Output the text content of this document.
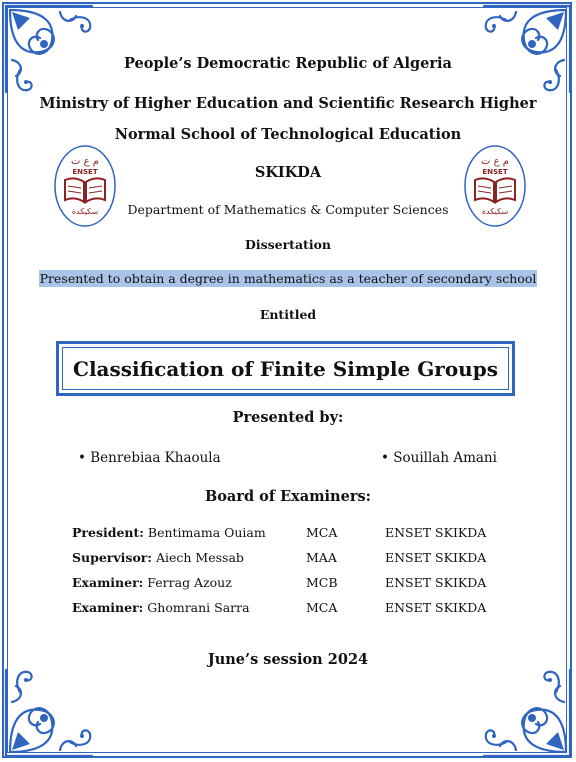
م ع ت
ENSET
سكيكدة
م ع ت
ENSET
سكيكدة
People’s Democratic Republic of Algeria
Ministry of Higher Education and Scientific Research Higher
Normal School of Technological Education
SKIKDA
Department of Mathematics & Computer Sciences
Dissertation
Presented to obtain a degree in mathematics as a teacher of secondary school
Entitled
Classification of Finite Simple Groups
Presented by:
• Benrebiaa Khaoula	• Souillah Amani
Board of Examiners:
President: Bentimama Ouiam	MCA	ENSET SKIKDA
Supervisor: Aiech Messab	MAA	ENSET SKIKDA
Examiner: Ferrag Azouz	MCB	ENSET SKIKDA
Examiner: Ghomrani Sarra	MCA	ENSET SKIKDA
June’s session 2024
